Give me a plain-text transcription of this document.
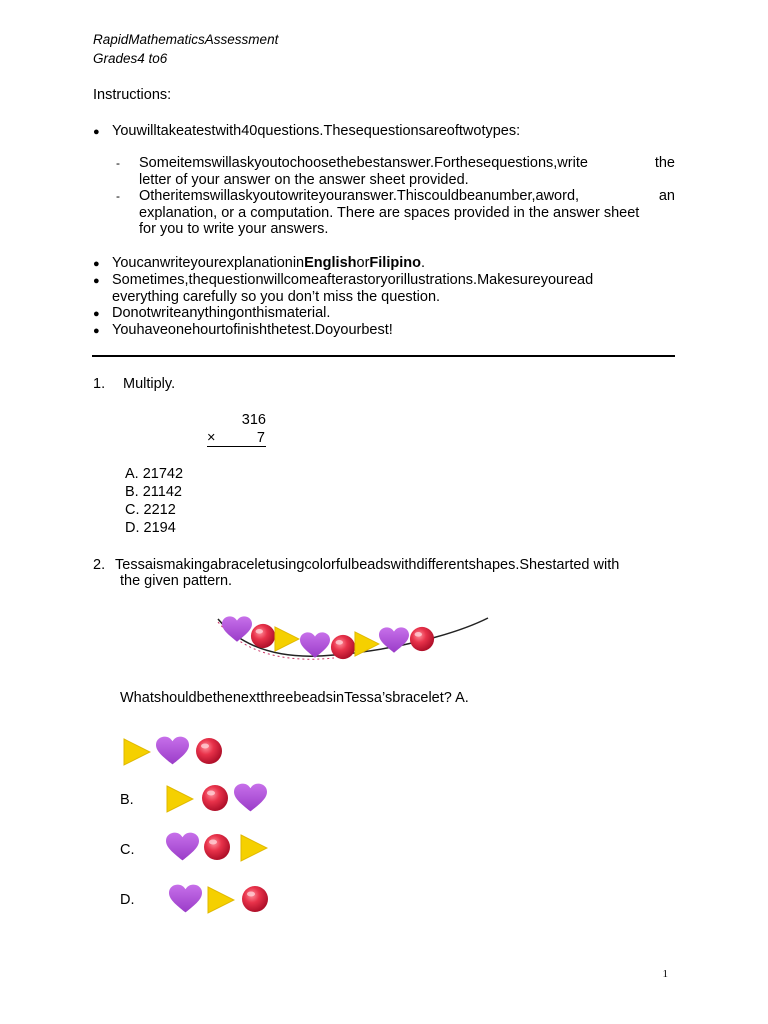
RapidMathematicsAssessment
Grades4 to6
Instructions:
● Youwilltakeatestwith40questions.Thesequestionsareoftwotypes:
- Someitemswillaskyoutochoosethebestanswer.Forthesequestions,write	the
letter of your answer on the answer sheet provided.
- Otheritemswillaskyoutowriteyouranswer.Thiscouldbeanumber,aword,	an
explanation, or a computation. There are spaces provided in the answer sheet
for you to write your answers.
● YoucanwriteyourexplanationinEnglishorFilipino.
● Sometimes,thequestionwillcomeafterastoryorillustrations.Makesureyouread
everything carefully so you don’t miss the question.
● Donotwriteanythingonthismaterial.
● Youhaveonehourtofinishthetest.Doyourbest!
1. Multiply.
316
×	7
A. 21742
B. 21142
C. 2212
D. 2194
2. Tessaismakingabraceletusingcolorfulbeadswithdifferentshapes.Shestarted with
the given pattern.
WhatshouldbethenextthreebeadsinTessa’sbracelet? A.
B.
C.
D.
1
